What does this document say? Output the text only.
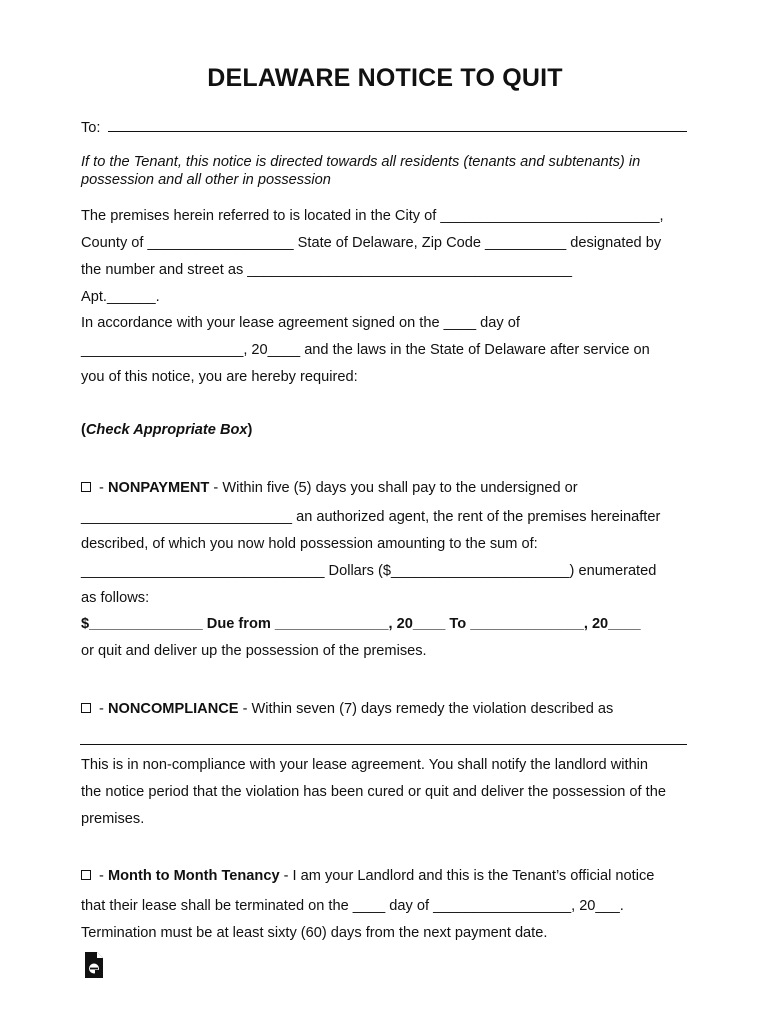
DELAWARE NOTICE TO QUIT
To:
If to the Tenant, this notice is directed towards all residents (tenants and subtenants) in
possession and all other in possession
The premises herein referred to is located in the City of ___________________________,
County of __________________ State of Delaware, Zip Code __________ designated by
the number and street as ________________________________________
Apt.______.
In accordance with your lease agreement signed on the ____ day of
____________________, 20____ and the laws in the State of Delaware after service on
you of this notice, you are hereby required:
(Check Appropriate Box)
- NONPAYMENT - Within five (5) days you shall pay to the undersigned or
__________________________ an authorized agent, the rent of the premises hereinafter
described, of which you now hold possession amounting to the sum of:
______________________________ Dollars ($______________________) enumerated
as follows:
$______________ Due from ______________, 20____ To ______________, 20____
or quit and deliver up the possession of the premises.
- NONCOMPLIANCE - Within seven (7) days remedy the violation described as
This is in non-compliance with your lease agreement. You shall notify the landlord within
the notice period that the violation has been cured or quit and deliver the possession of the
premises.
- Month to Month Tenancy - I am your Landlord and this is the Tenant’s official notice
that their lease shall be terminated on the ____ day of _________________, 20___.
Termination must be at least sixty (60) days from the next payment date.
